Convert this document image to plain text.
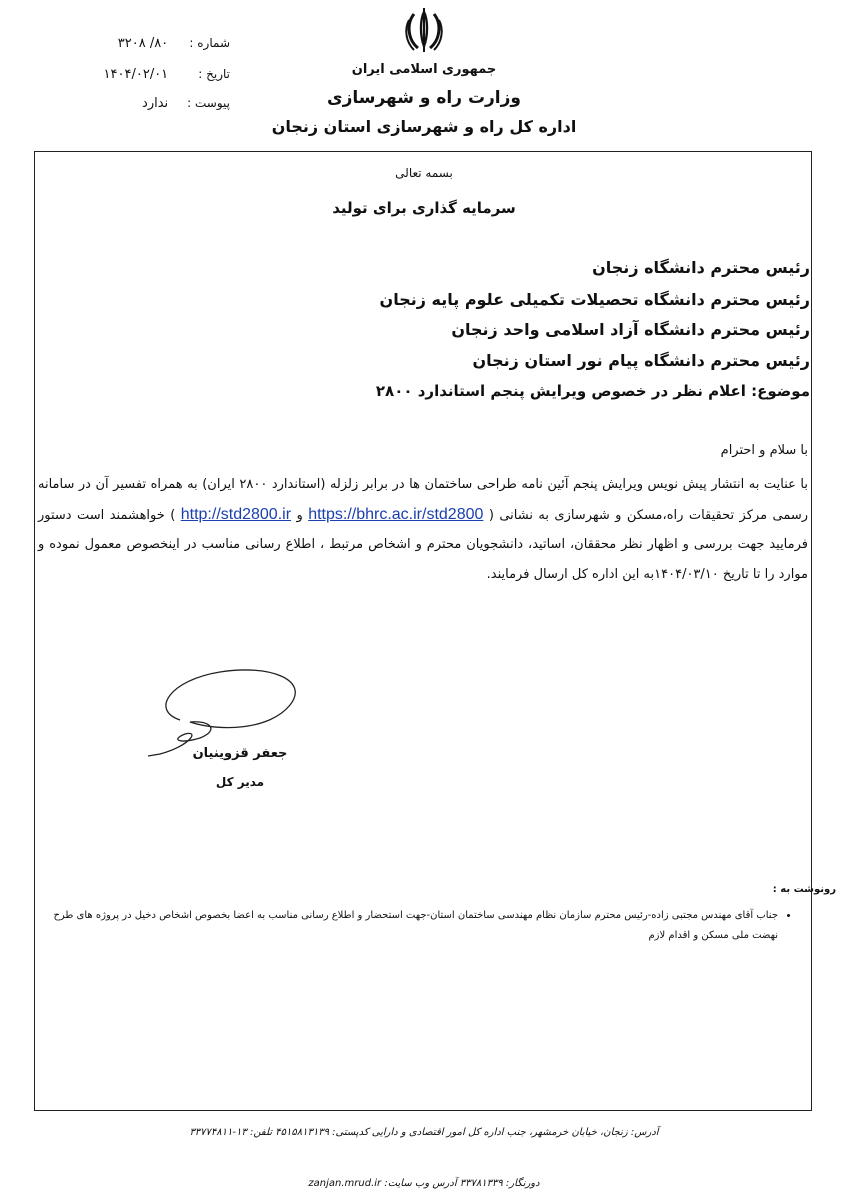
جمهوری اسلامی ایران
وزارت راه و شهرسازی
اداره کل راه و شهرسازی استان زنجان
شماره : ۸۰/ ۳۲۰۸
تاریخ : ۱۴۰۴/۰۲/۰۱
پیوست : ندارد
بسمه تعالی
سرمایه گذاری برای تولید
رئیس محترم دانشگاه زنجان
رئیس محترم دانشگاه تحصیلات تکمیلی علوم پایه زنجان
رئیس محترم دانشگاه آزاد اسلامی واحد زنجان
رئیس محترم دانشگاه پیام نور استان زنجان
موضوع: اعلام نظر در خصوص ویرایش پنجم استاندارد ۲۸۰۰
با سلام و احترام
با عنایت به انتشار پیش نویس ویرایش پنجم آئین نامه طراحی ساختمان ها در برابر زلزله (استاندارد ۲۸۰۰ ایران) به همراه تفسیر آن در سامانه رسمی مرکز تحقیقات راه،مسکن و شهرسازی به نشانی ( https://bhrc.ac.ir/std2800 و http://std2800.ir ) خواهشمند است دستور فرمایید جهت بررسی و اظهار نظر محققان، اساتید، دانشجویان محترم و اشخاص مرتبط ، اطلاع رسانی مناسب در اینخصوص معمول نموده و موارد را تا تاریخ ۱۴۰۴/۰۳/۱۰به این اداره کل ارسال فرمایند.
جعفر قزوینیان
مدیر کل
رونوشت به :
• جناب آقای مهندس مجتبی زاده-رئیس محترم سازمان نظام مهندسی ساختمان استان-جهت استحضار و اطلاع رسانی مناسب به اعضا بخصوص اشخاص دخیل در پروژه های طرح نهضت ملی مسکن و اقدام لازم
آدرس: زنجان، خیابان خرمشهر، جنب اداره کل امور اقتصادی و دارایی کدپستی: ۴۵۱۵۸۱۳۱۳۹ تلفن: ۱۳-۳۳۷۷۴۸۱۱
دورنگار: ۳۳۷۸۱۳۳۹ آدرس وب سایت: zanjan.mrud.ir
